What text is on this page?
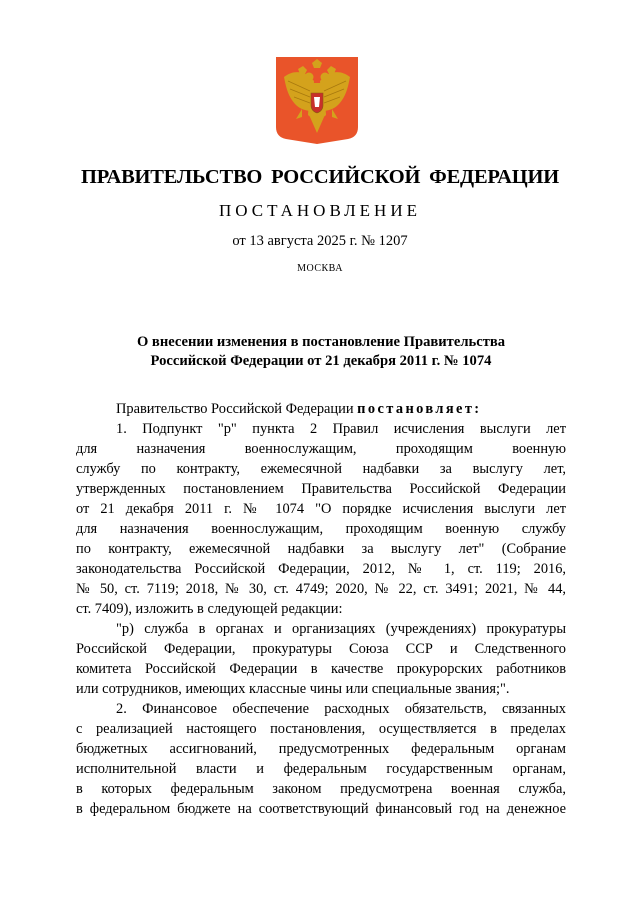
ПРАВИТЕЛЬСТВО РОССИЙСКОЙ ФЕДЕРАЦИИ
ПОСТАНОВЛЕНИЕ
от 13 августа 2025 г. № 1207
МОСКВА
О внесении изменения в постановление Правительства
Российской Федерации от 21 декабря 2011 г. № 1074
Правительство Российской Федерации постановляет:
1. Подпункт "р" пункта 2 Правил исчисления выслуги лет
для назначения военнослужащим, проходящим военную
службу по контракту, ежемесячной надбавки за выслугу лет,
утвержденных постановлением Правительства Российской Федерации
от 21 декабря 2011 г. № 1074 "О порядке исчисления выслуги лет
для назначения военнослужащим, проходящим военную службу
по контракту, ежемесячной надбавки за выслугу лет" (Собрание
законодательства Российской Федерации, 2012, № 1, ст. 119; 2016,
№ 50, ст. 7119; 2018, № 30, ст. 4749; 2020, № 22, ст. 3491; 2021, № 44,
ст. 7409), изложить в следующей редакции:
"р) служба в органах и организациях (учреждениях) прокуратуры
Российской Федерации, прокуратуры Союза ССР и Следственного
комитета Российской Федерации в качестве прокурорских работников
или сотрудников, имеющих классные чины или специальные звания;".
2. Финансовое обеспечение расходных обязательств, связанных
с реализацией настоящего постановления, осуществляется в пределах
бюджетных ассигнований, предусмотренных федеральным органам
исполнительной власти и федеральным государственным органам,
в которых федеральным законом предусмотрена военная служба,
в федеральном бюджете на соответствующий финансовый год на денежное
